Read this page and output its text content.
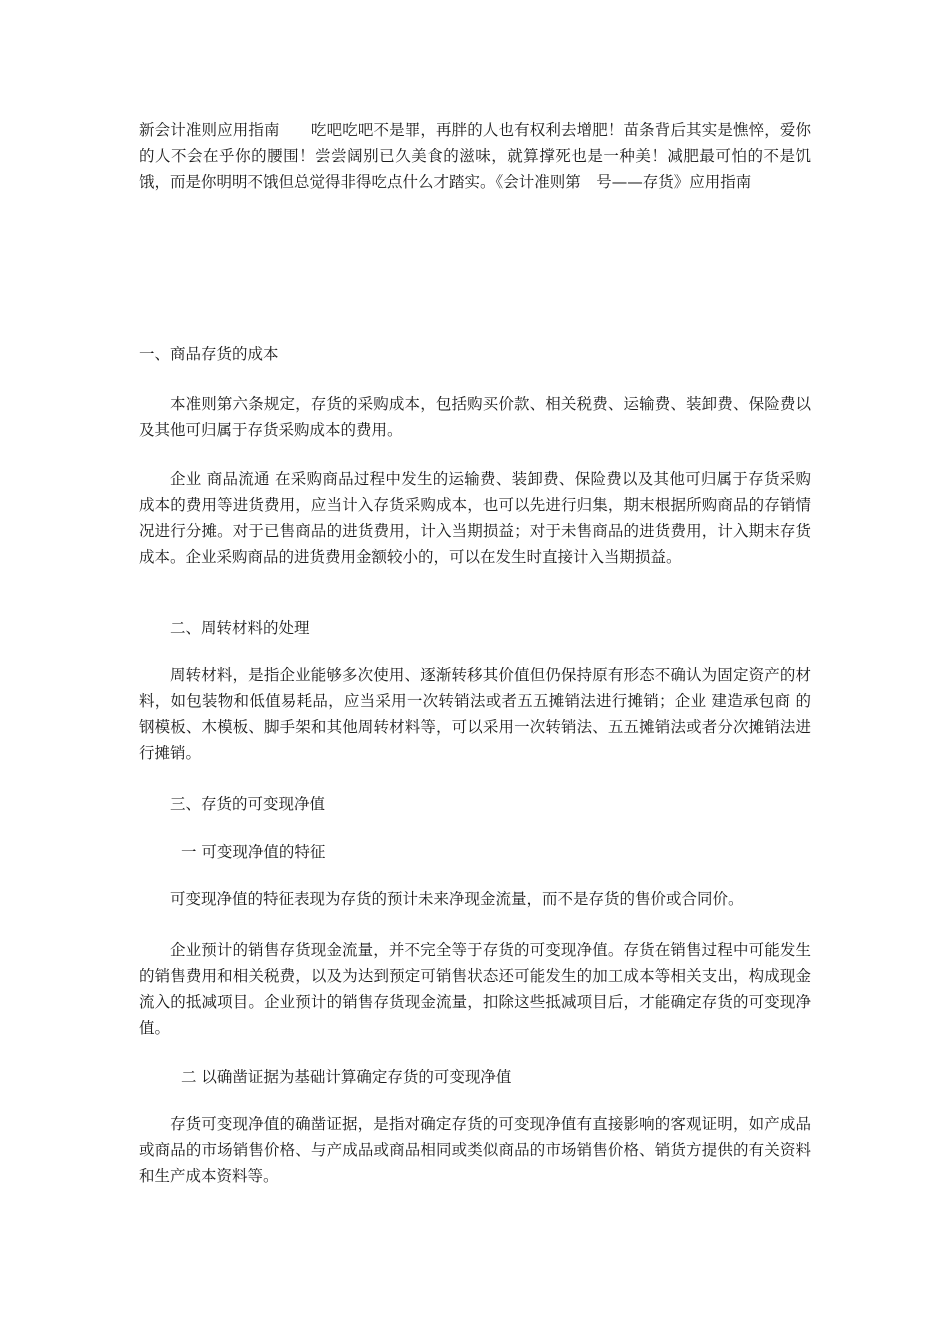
新会计准则应用指南　　吃吧吃吧不是罪，再胖的人也有权利去增肥！苗条背后其实是憔悴，爱你的人不会在乎你的腰围！尝尝阔别已久美食的滋味，就算撑死也是一种美！减肥最可怕的不是饥饿，而是你明明不饿但总觉得非得吃点什么才踏实。《会计准则第　号——存货》应用指南
一、商品存货的成本
本准则第六条规定，存货的采购成本，包括购买价款、相关税费、运输费、装卸费、保险费以及其他可归属于存货采购成本的费用。
企业 商品流通 在采购商品过程中发生的运输费、装卸费、保险费以及其他可归属于存货采购成本的费用等进货费用，应当计入存货采购成本，也可以先进行归集，期末根据所购商品的存销情况进行分摊。对于已售商品的进货费用，计入当期损益；对于未售商品的进货费用，计入期末存货成本。企业采购商品的进货费用金额较小的，可以在发生时直接计入当期损益。
二、周转材料的处理
周转材料，是指企业能够多次使用、逐渐转移其价值但仍保持原有形态不确认为固定资产的材料，如包装物和低值易耗品，应当采用一次转销法或者五五摊销法进行摊销；企业 建造承包商 的钢模板、木模板、脚手架和其他周转材料等，可以采用一次转销法、五五摊销法或者分次摊销法进行摊销。
三、存货的可变现净值
一 可变现净值的特征
可变现净值的特征表现为存货的预计未来净现金流量，而不是存货的售价或合同价。
企业预计的销售存货现金流量，并不完全等于存货的可变现净值。存货在销售过程中可能发生的销售费用和相关税费，以及为达到预定可销售状态还可能发生的加工成本等相关支出，构成现金流入的抵减项目。企业预计的销售存货现金流量，扣除这些抵减项目后，才能确定存货的可变现净值。
二 以确凿证据为基础计算确定存货的可变现净值
存货可变现净值的确凿证据，是指对确定存货的可变现净值有直接影响的客观证明，如产成品或商品的市场销售价格、与产成品或商品相同或类似商品的市场销售价格、销货方提供的有关资料和生产成本资料等。
